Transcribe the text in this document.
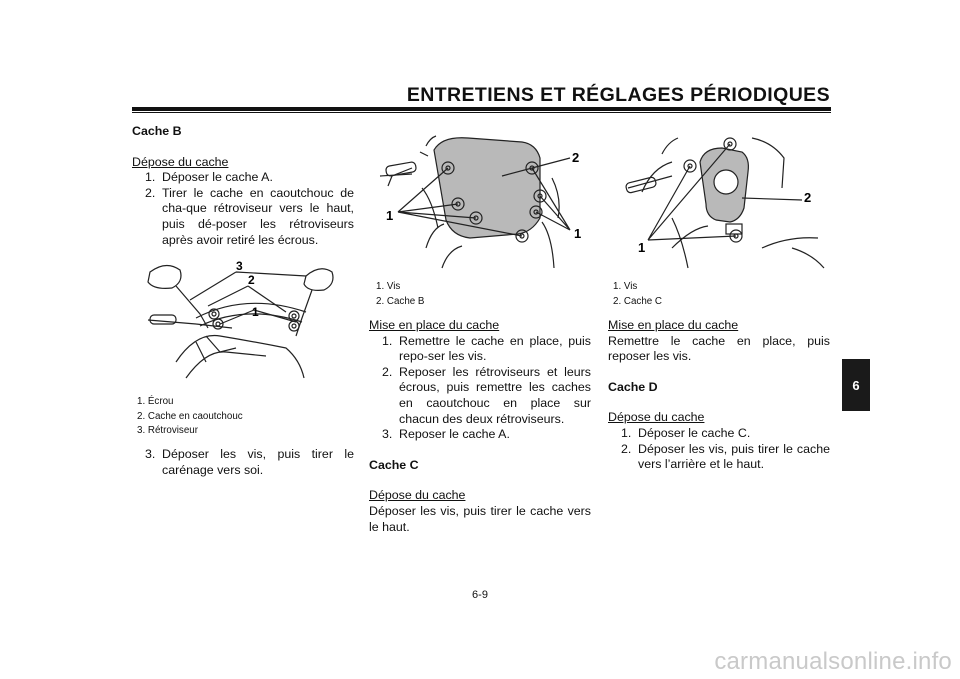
ENTRETIENS ET RÉGLAGES PÉRIODIQUES

Cache B

Dépose du cache

1. Déposer le cache A.
2. Tirer le cache en caoutchouc de cha-que rétroviseur vers le haut, puis dé-poser les rétroviseurs après avoir retiré les écrous.
3
2
1
1. Écrou
2. Cache en caoutchouc
3. Rétroviseur
3. Déposer les vis, puis tirer le carénage vers soi.
2
1
1
1. Vis
2. Cache B

Mise en place du cache

1. Remettre le cache en place, puis repo-ser les vis.
2. Reposer les rétroviseurs et leurs écrous, puis remettre les caches en caoutchouc en place sur chacun des deux rétroviseurs.
3. Reposer le cache A.

Cache C

Dépose du cache

Déposer les vis, puis tirer le cache vers le haut.

2
1
1. Vis
2. Cache C

Mise en place du cache

Remettre le cache en place, puis reposer les vis.

Cache D

Dépose du cache

1. Déposer le cache C.
2. Déposer les vis, puis tirer le cache vers l’arrière et le haut.
6
6-9
carmanualsonline.info
